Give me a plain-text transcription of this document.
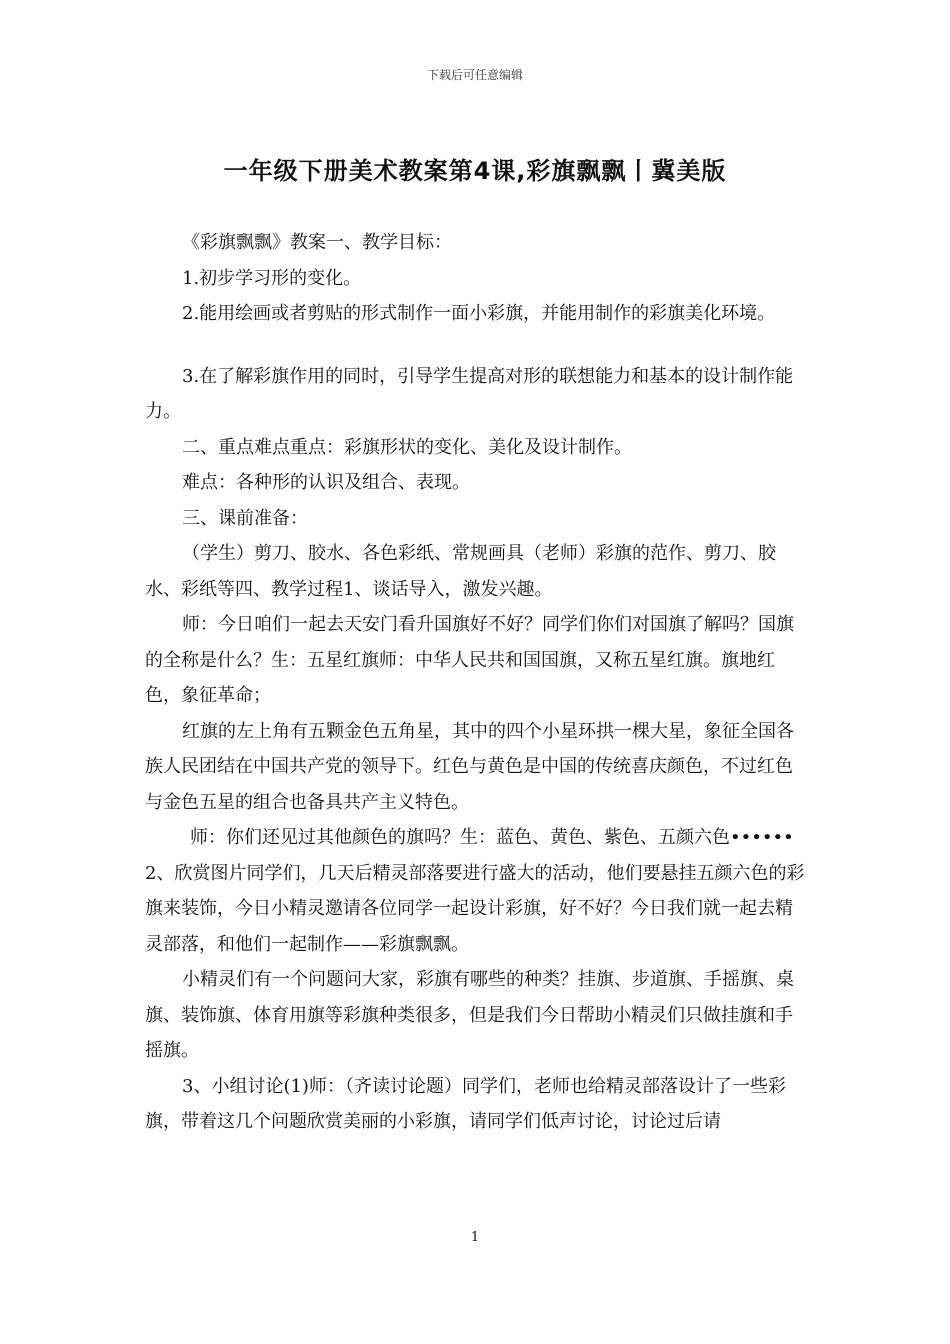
下载后可任意编辑
一年级下册美术教案第4课,彩旗飘飘丨冀美版

《彩旗飘飘》教案一、教学目标：

1.初步学习形的变化。

2.能用绘画或者剪贴的形式制作一面小彩旗，并能用制作的彩旗美化环境。

3.在了解彩旗作用的同时，引导学生提高对形的联想能力和基本的设计制作能力。

二、重点难点重点：彩旗形状的变化、美化及设计制作。

难点：各种形的认识及组合、表现。

三、课前准备：

（学生）剪刀、胶水、各色彩纸、常规画具（老师）彩旗的范作、剪刀、胶水、彩纸等四、教学过程1、谈话导入，激发兴趣。

师：今日咱们一起去天安门看升国旗好不好？同学们你们对国旗了解吗？国旗的全称是什么？生：五星红旗师：中华人民共和国国旗，又称五星红旗。旗地红色，象征革命；

红旗的左上角有五颗金色五角星，其中的四个小星环拱一棵大星，象征全国各族人民团结在中国共产党的领导下。红色与黄色是中国的传统喜庆颜色，不过红色与金色五星的组合也备具共产主义特色。

师：你们还见过其他颜色的旗吗？生：蓝色、黄色、紫色、五颜六色••••••2、欣赏图片同学们，几天后精灵部落要进行盛大的活动，他们要悬挂五颜六色的彩旗来装饰，今日小精灵邀请各位同学一起设计彩旗，好不好？今日我们就一起去精灵部落，和他们一起制作——彩旗飘飘。

小精灵们有一个问题问大家，彩旗有哪些的种类？挂旗、步道旗、手摇旗、桌旗、装饰旗、体育用旗等彩旗种类很多，但是我们今日帮助小精灵们只做挂旗和手摇旗。

3、小组讨论(1)师：（齐读讨论题）同学们，老师也给精灵部落设计了一些彩旗，带着这几个问题欣赏美丽的小彩旗，请同学们低声讨论，讨论过后请

1
